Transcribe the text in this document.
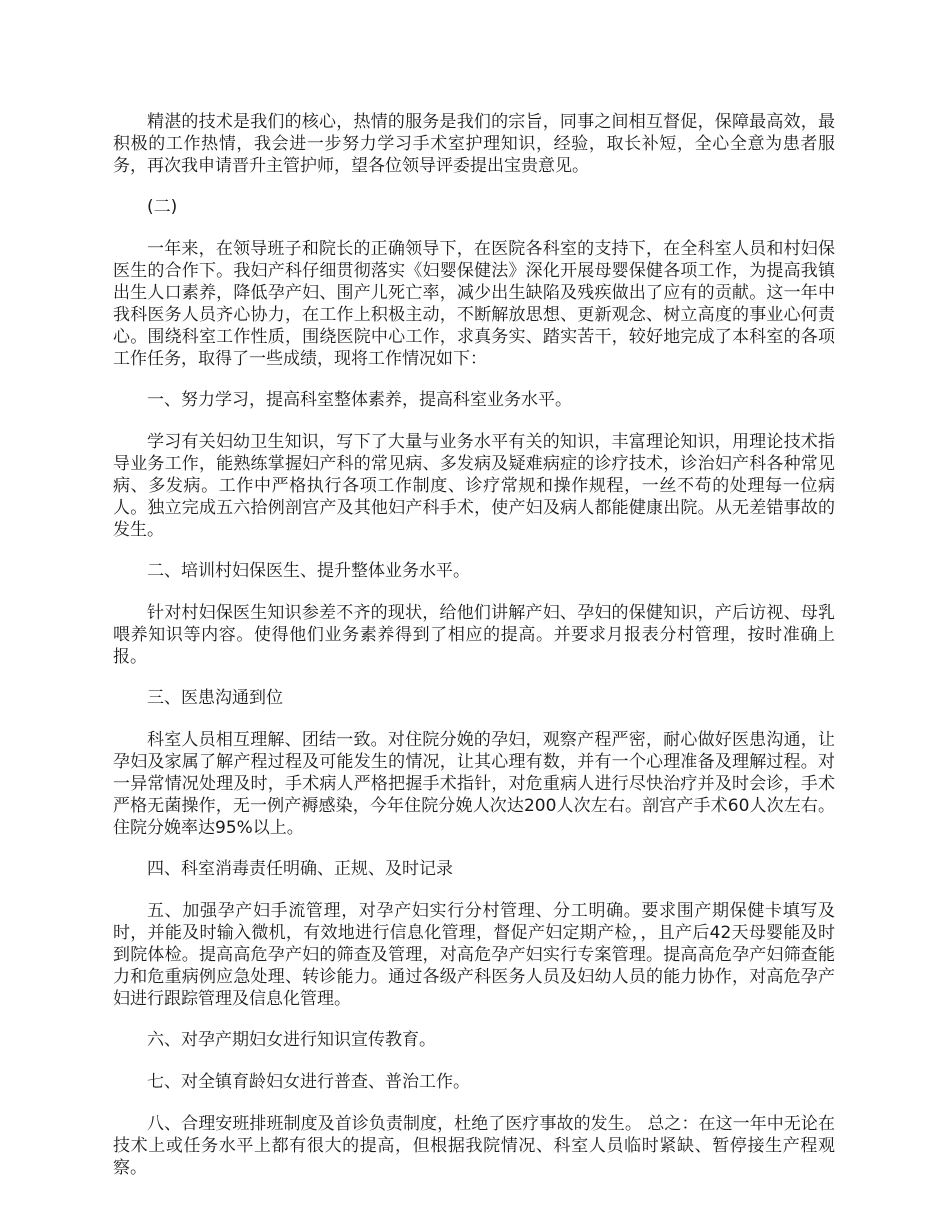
精湛的技术是我们的核心，热情的服务是我们的宗旨，同事之间相互督促，保障最高效，最积极的工作热情，我会进一步努力学习手术室护理知识，经验，取长补短，全心全意为患者服务，再次我申请晋升主管护师，望各位领导评委提出宝贵意见。

(二)

一年来，在领导班子和院长的正确领导下，在医院各科室的支持下，在全科室人员和村妇保医生的合作下。我妇产科仔细贯彻落实《妇婴保健法》深化开展母婴保健各项工作，为提高我镇出生人口素养，降低孕产妇、围产儿死亡率，减少出生缺陷及残疾做出了应有的贡献。这一年中我科医务人员齐心协力，在工作上积极主动，不断解放思想、更新观念、树立高度的事业心何责心。围绕科室工作性质，围绕医院中心工作，求真务实、踏实苦干，较好地完成了本科室的各项工作任务，取得了一些成绩，现将工作情况如下：

一、努力学习，提高科室整体素养，提高科室业务水平。

学习有关妇幼卫生知识，写下了大量与业务水平有关的知识，丰富理论知识，用理论技术指导业务工作，能熟练掌握妇产科的常见病、多发病及疑难病症的诊疗技术，诊治妇产科各种常见病、多发病。工作中严格执行各项工作制度、诊疗常规和操作规程，一丝不苟的处理每一位病人。独立完成五六拾例剖宫产及其他妇产科手术，使产妇及病人都能健康出院。从无差错事故的发生。

二、培训村妇保医生、提升整体业务水平。

针对村妇保医生知识参差不齐的现状，给他们讲解产妇、孕妇的保健知识，产后访视、母乳喂养知识等内容。使得他们业务素养得到了相应的提高。并要求月报表分村管理，按时准确上报。

三、医患沟通到位

科室人员相互理解、团结一致。对住院分娩的孕妇，观察产程严密，耐心做好医患沟通，让孕妇及家属了解产程过程及可能发生的情况，让其心理有数，并有一个心理准备及理解过程。对一异常情况处理及时，手术病人严格把握手术指针，对危重病人进行尽快治疗并及时会诊，手术严格无菌操作，无一例产褥感染，今年住院分娩人次达200人次左右。剖宫产手术60人次左右。住院分娩率达95%以上。

四、科室消毒责任明确、正规、及时记录

五、加强孕产妇手流管理，对孕产妇实行分村管理、分工明确。要求围产期保健卡填写及时，并能及时输入微机，有效地进行信息化管理，督促产妇定期产检，，且产后42天母婴能及时到院体检。提高高危孕产妇的筛查及管理，对高危孕产妇实行专案管理。提高高危孕产妇筛查能力和危重病例应急处理、转诊能力。通过各级产科医务人员及妇幼人员的能力协作，对高危孕产妇进行跟踪管理及信息化管理。

六、对孕产期妇女进行知识宣传教育。

七、对全镇育龄妇女进行普查、普治工作。

八、合理安班排班制度及首诊负责制度，杜绝了医疗事故的发生。 总之：在这一年中无论在技术上或任务水平上都有很大的提高，但根据我院情况、科室人员临时紧缺、暂停接生产程观察。
